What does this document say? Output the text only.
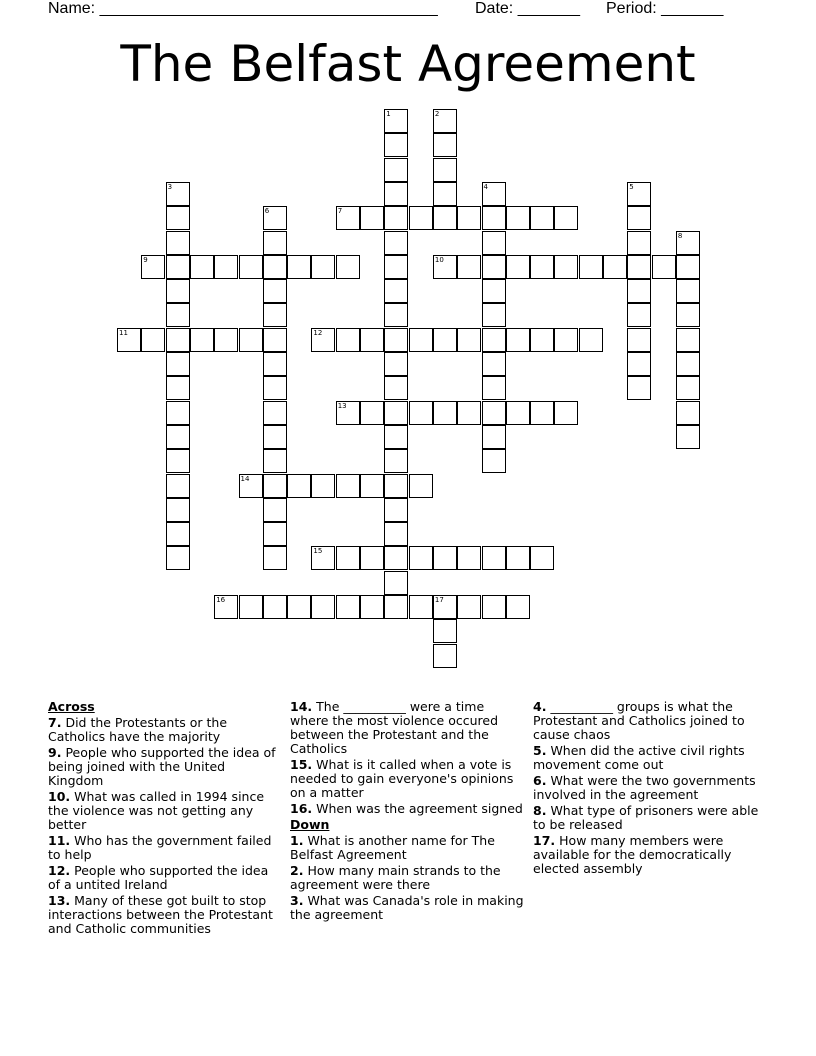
Name: ______________________________________ Date: _______ Period: _______
The Belfast Agreement
1	2
3	4	5
6	7
8
9	10
11	12
13
14
15
16	17
Across
7. Did the Protestants or the Catholics have the majority
9. People who supported the idea of being joined with the United Kingdom
10. What was called in 1994 since the violence was not getting any better
11. Who has the government failed to help
12. People who supported the idea of a untited Ireland
13. Many of these got built to stop interactions between the Protestant and Catholic communities
14. The __________ were a time where the most violence occured between the Protestant and the Catholics
15. What is it called when a vote is needed to gain everyone's opinions on a matter
16. When was the agreement signed
Down
1. What is another name for The Belfast Agreement
2. How many main strands to the agreement were there
3. What was Canada's role in making the agreement
4. __________ groups is what the Protestant and Catholics joined to cause chaos
5. When did the active civil rights movement come out
6. What were the two governments involved in the agreement
8. What type of prisoners were able to be released
17. How many members were available for the democratically elected assembly
